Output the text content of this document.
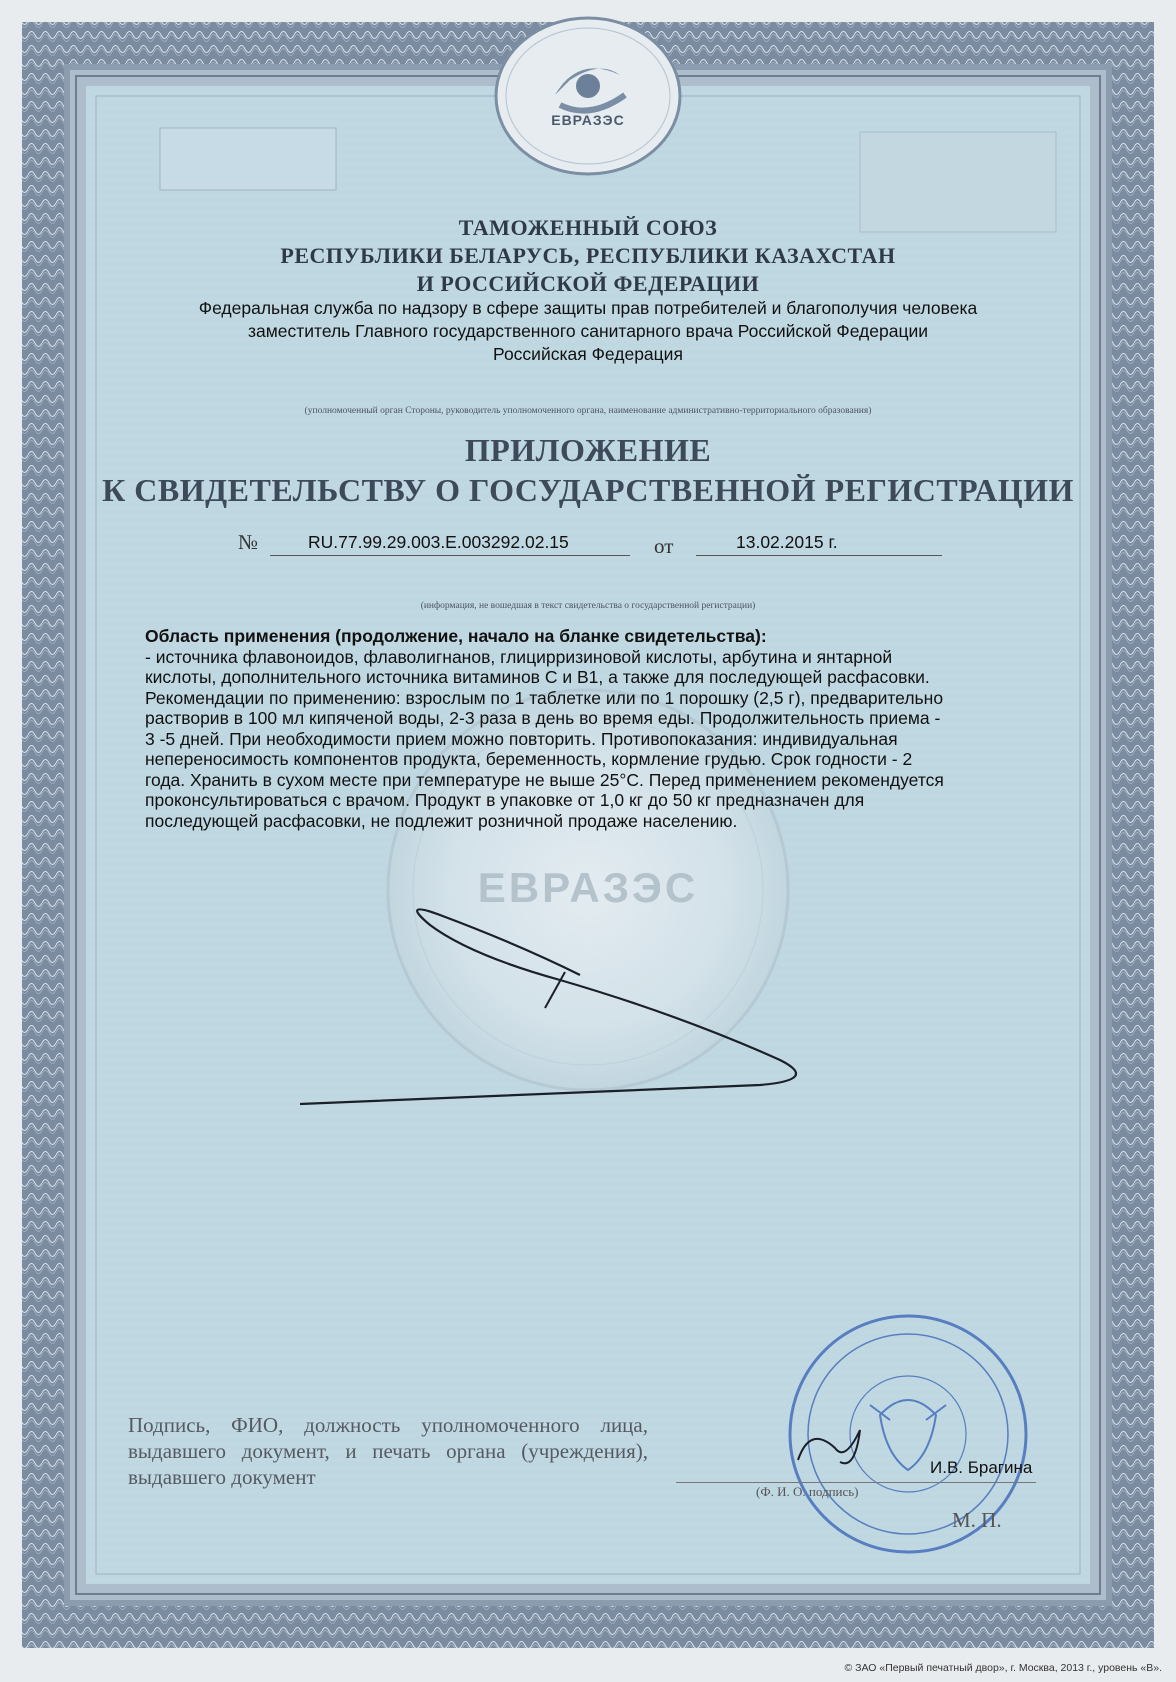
ЕВРАЗЭС
ЕВРАЗЭС
ТАМОЖЕННЫЙ СОЮЗ
РЕСПУБЛИКИ БЕЛАРУСЬ, РЕСПУБЛИКИ КАЗАХСТАН
И РОССИЙСКОЙ ФЕДЕРАЦИИ
Федеральная служба по надзору в сфере защиты прав потребителей и благополучия человека
заместитель Главного государственного санитарного врача Российской Федерации
Российская Федерация
(уполномоченный орган Стороны, руководитель уполномоченного органа, наименование административно-территориального образования)
ПРИЛОЖЕНИЕ
К СВИДЕТЕЛЬСТВУ О ГОСУДАРСТВЕННОЙ РЕГИСТРАЦИИ
№	RU.77.99.29.003.Е.003292.02.15	от	13.02.2015 г.
(информация, не вошедшая в текст свидетельства о государственной регистрации)

Область применения (продолжение, начало на бланке свидетельства):

- источника флавоноидов, флаволигнанов, глицирризиновой кислоты, арбутина и янтарной

кислоты, дополнительного источника витаминов С и В1, а также для последующей расфасовки.

Рекомендации по применению: взрослым по 1 таблетке или по 1 порошку (2,5 г), предварительно

растворив в 100 мл кипяченой воды, 2-3 раза в день во время еды. Продолжительность приема -

3 -5 дней. При необходимости прием можно повторить. Противопоказания: индивидуальная

непереносимость компонентов продукта, беременность, кормление грудью. Срок годности - 2

года. Хранить в сухом месте при температуре не выше 25°С. Перед применением рекомендуется

проконсультироваться с врачом. Продукт в упаковке от 1,0 кг до 50 кг предназначен для

последующей расфасовки, не подлежит розничной продаже населению.

Подпись, ФИО, должность уполномоченного лица, выдавшего документ, и печать органа (учреждения), выдавшего документ	И.В. Брагина
(Ф. И. О. подпись)
М. П.
© ЗАО «Первый печатный двор», г. Москва, 2013 г., уровень «В».
